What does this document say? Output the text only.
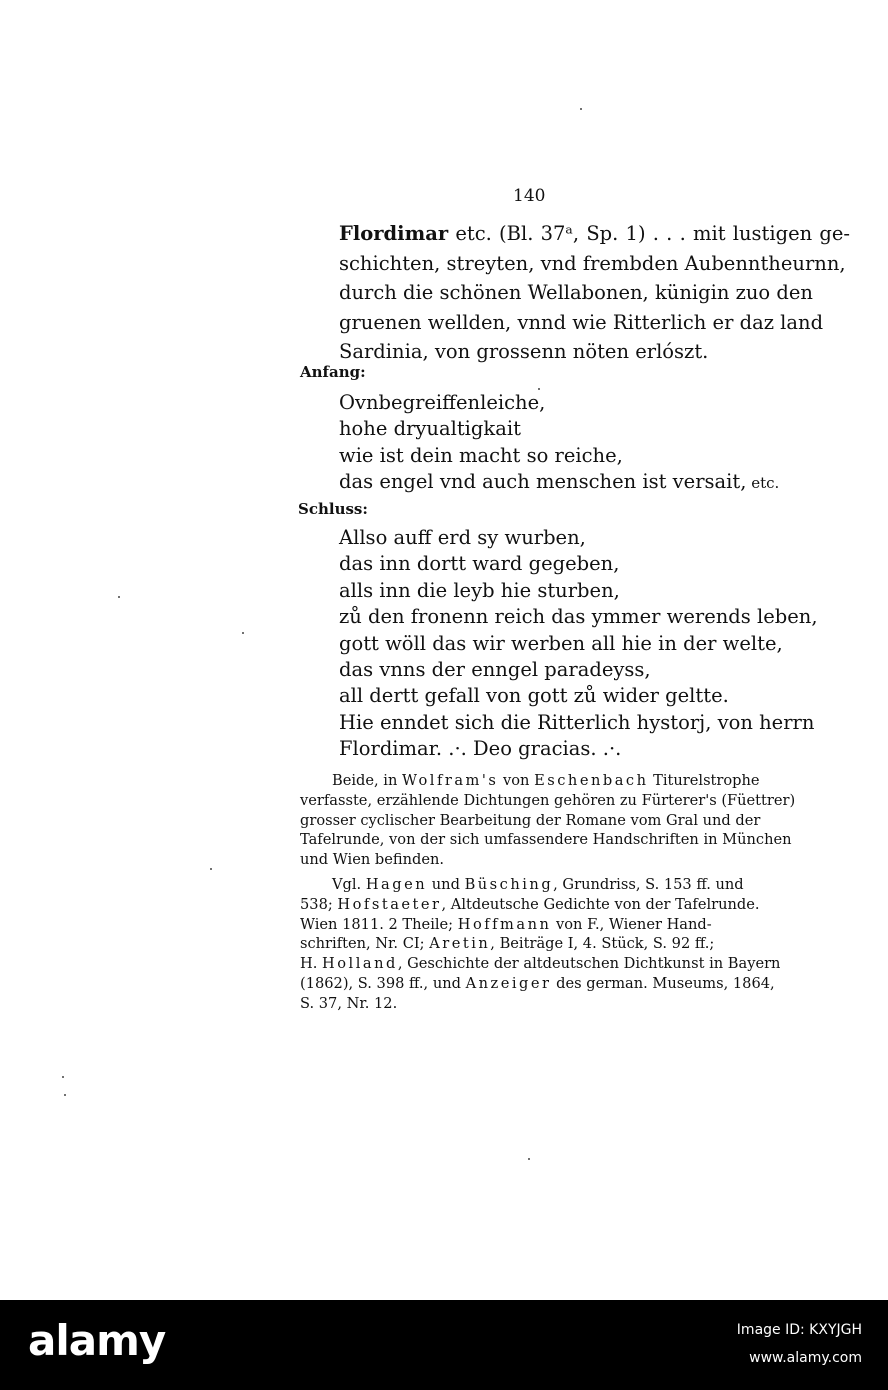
140
Flordimar etc. (Bl. 37ᵃ, Sp. 1) . . . mit lustigen ge-
schichten, streyten, vnd frembden Aubenntheurnn,
durch die schönen Wellabonen, künigin zuo den
gruenen wellden, vnnd wie Ritterlich er daz land
Sardinia, von grossenn nöten erlószt.
Anfang:
Ovnbegreiffenleiche,
hohe dryualtigkait
wie ist dein macht so reiche,
das engel vnd auch menschen ist versait, etc.
Schluss:
Allso auff erd sy wurben,
das inn dortt ward gegeben,
alls inn die leyb hie sturben,
zů den fronenn reich das ymmer werends leben,
gott wöll das wir werben all hie in der welte,
das vnns der enngel paradeyss,
all dertt gefall von gott zů wider geltte.
Hie enndet sich die Ritterlich hystorj, von herrn
Flordimar. .·. Deo gracias. .·.
Beide, in Wolfram's von Eschenbach Titurelstrophe
verfasste, erzählende Dichtungen gehören zu Fürterer's (Füettrer)
grosser cyclischer Bearbeitung der Romane vom Gral und der
Tafelrunde, von der sich umfassendere Handschriften in München
und Wien befinden.
Vgl. Hagen und Büsching, Grundriss, S. 153 ff. und
538; Hofstaeter, Altdeutsche Gedichte von der Tafelrunde.
Wien 1811. 2 Theile; Hoffmann von F., Wiener Hand-
schriften, Nr. CI; Aretin, Beiträge I, 4. Stück, S. 92 ff.;
H. Holland, Geschichte der altdeutschen Dichtkunst in Bayern
(1862), S. 398 ff., und Anzeiger des german. Museums, 1864,
S. 37, Nr. 12.
alamy	Image ID: KXYJGH
www.alamy.com
